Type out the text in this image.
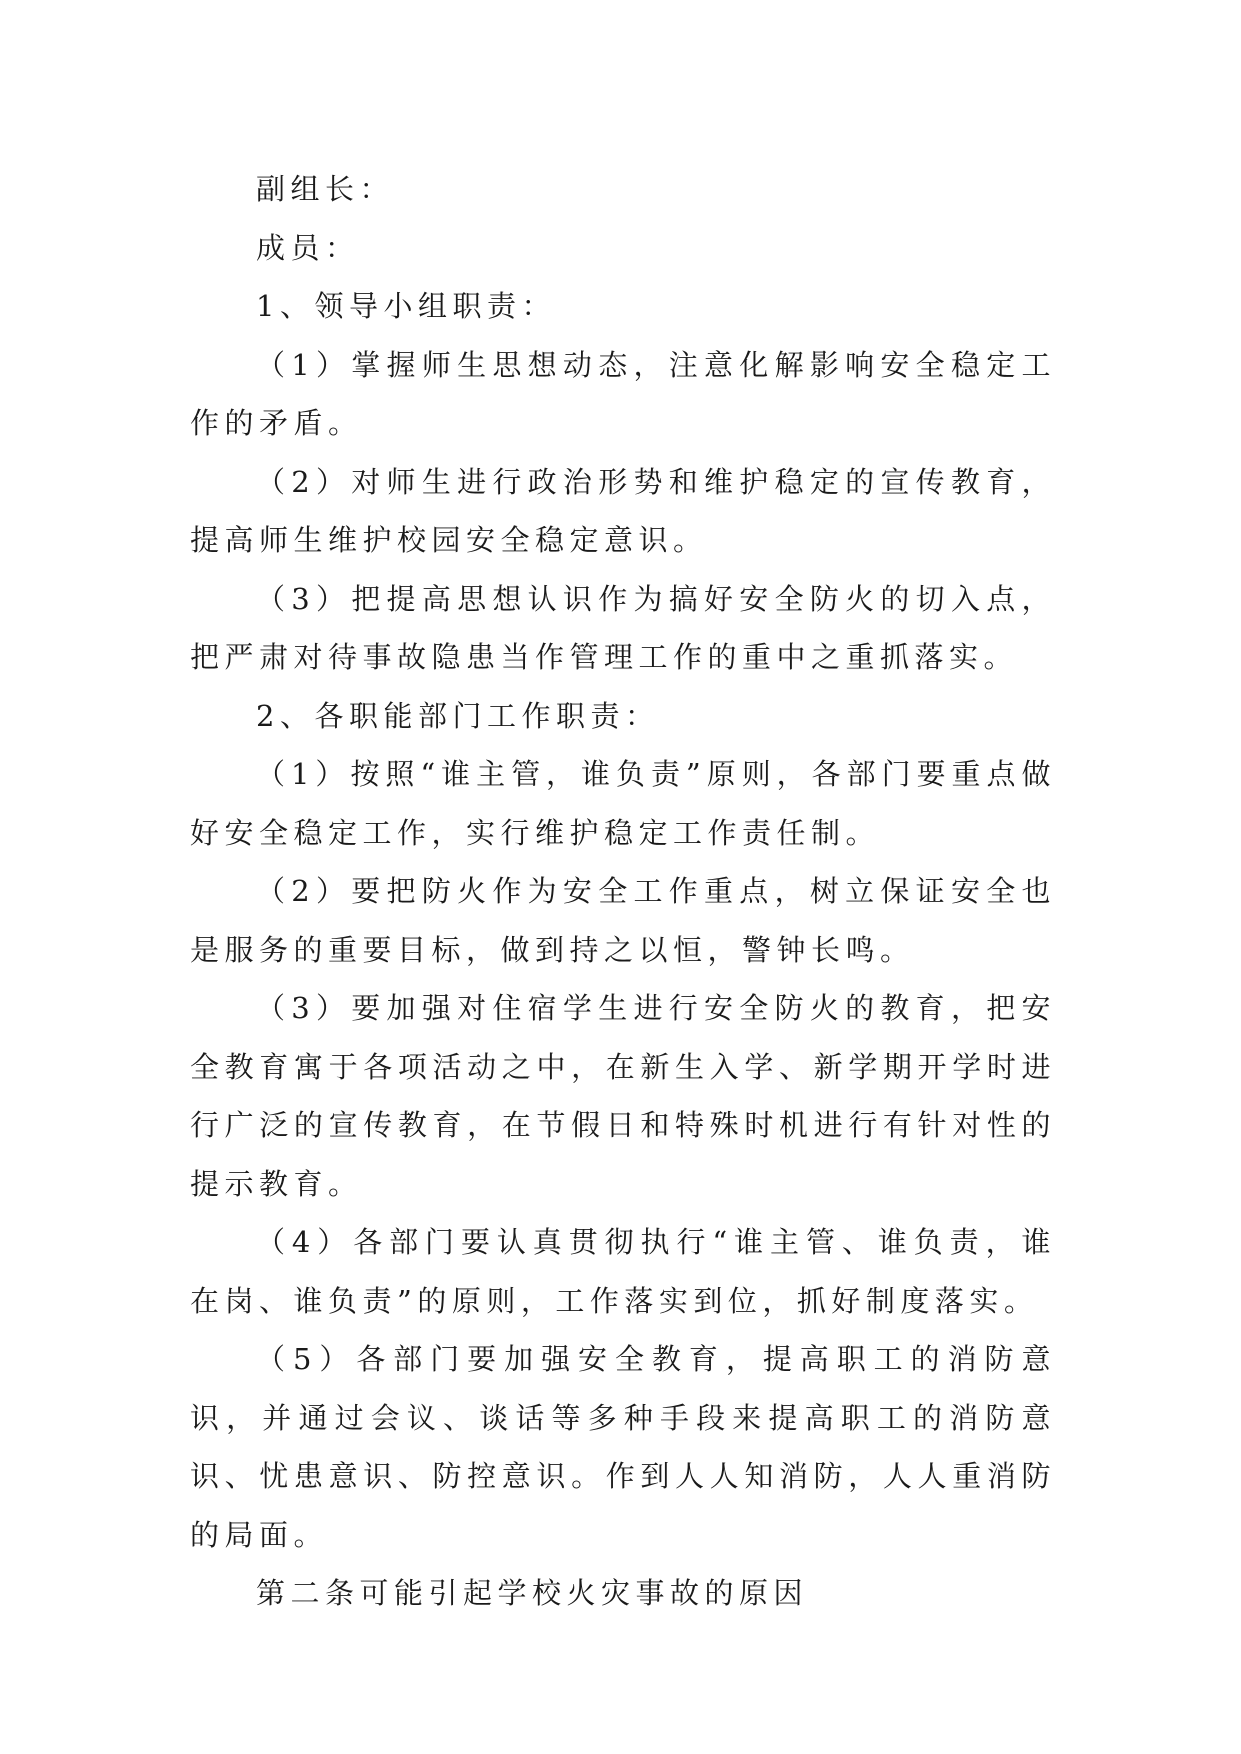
副组长：

成员：

1、领导小组职责：

（1）掌握师生思想动态，注意化解影响安全稳定工作的矛盾。

（2）对师生进行政治形势和维护稳定的宣传教育，提高师生维护校园安全稳定意识。

（3）把提高思想认识作为搞好安全防火的切入点，把严肃对待事故隐患当作管理工作的重中之重抓落实。

2、各职能部门工作职责：

（1）按照“谁主管，谁负责”原则，各部门要重点做好安全稳定工作，实行维护稳定工作责任制。

（2）要把防火作为安全工作重点，树立保证安全也是服务的重要目标，做到持之以恒，警钟长鸣。

（3）要加强对住宿学生进行安全防火的教育，把安全教育寓于各项活动之中，在新生入学、新学期开学时进行广泛的宣传教育，在节假日和特殊时机进行有针对性的提示教育。

（4）各部门要认真贯彻执行“谁主管、谁负责，谁在岗、谁负责”的原则，工作落实到位，抓好制度落实。

（5）各部门要加强安全教育，提高职工的消防意识，并通过会议、谈话等多种手段来提高职工的消防意识、忧患意识、防控意识。作到人人知消防，人人重消防的局面。

第二条可能引起学校火灾事故的原因
